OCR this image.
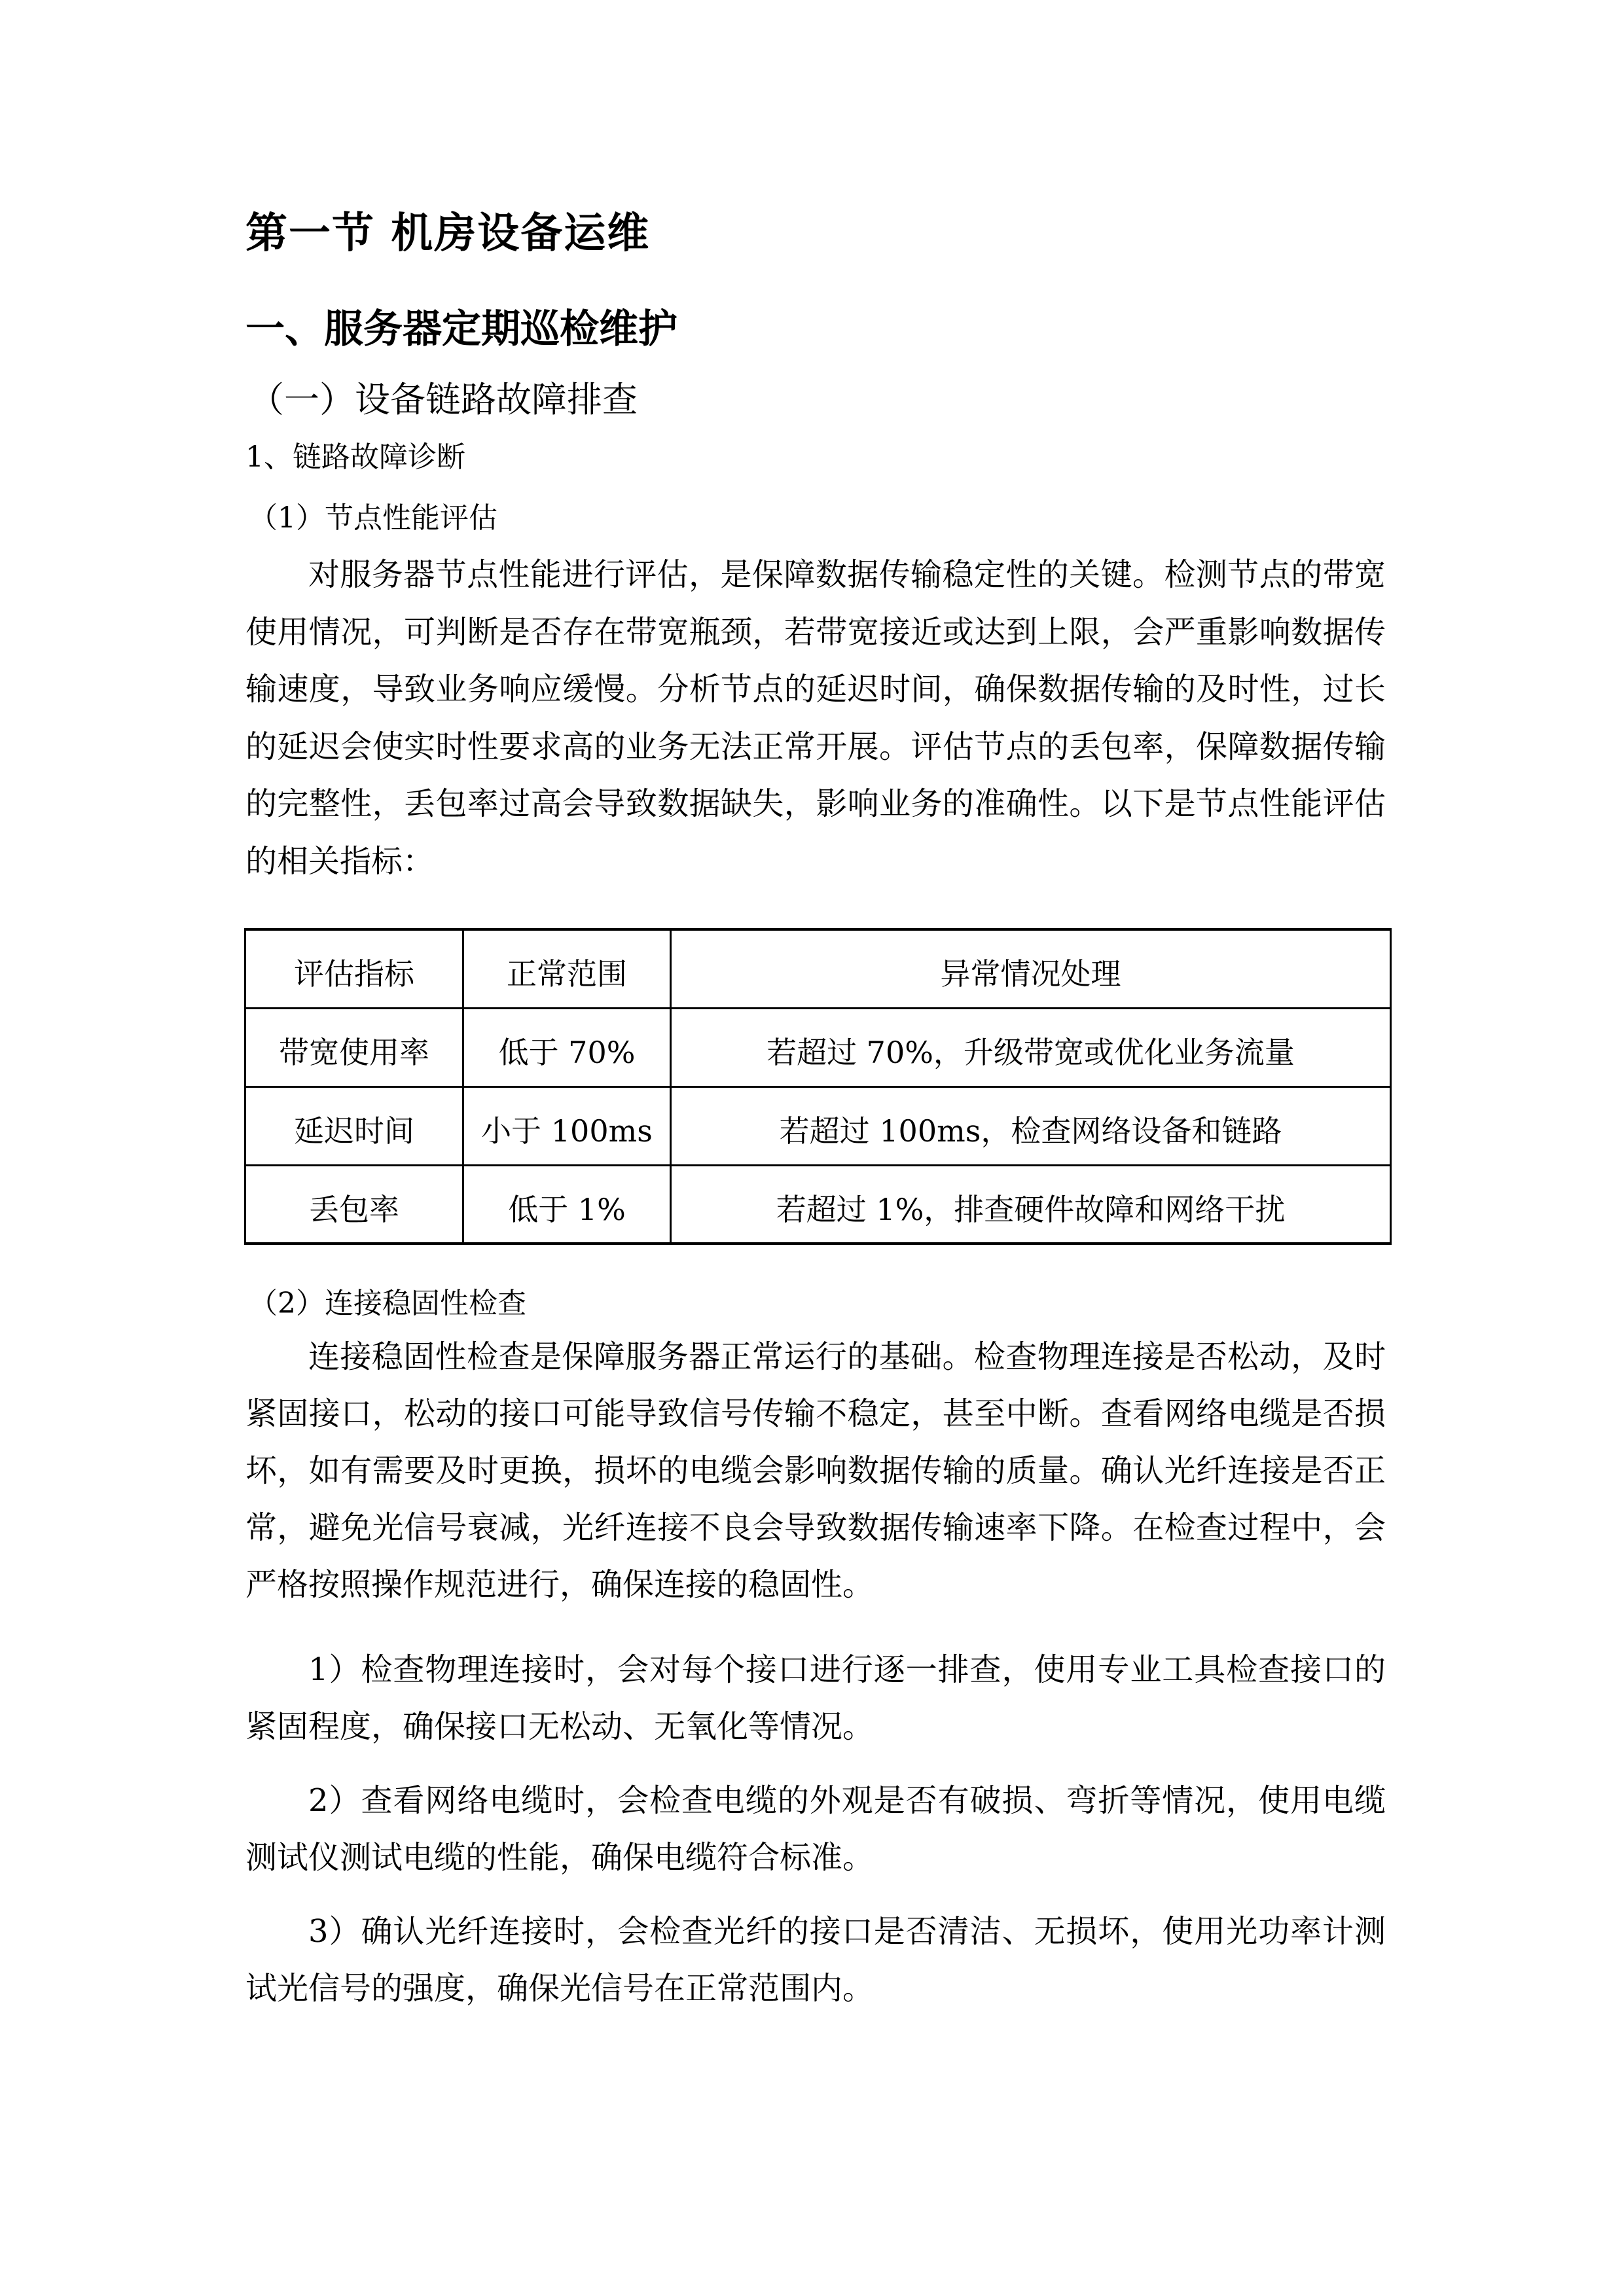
第一节 机房设备运维
一、服务器定期巡检维护
（一）设备链路故障排查
1、链路故障诊断
（1）节点性能评估

对服务器节点性能进行评估，是保障数据传输稳定性的关键。检测节点的带宽使用情况，可判断是否存在带宽瓶颈，若带宽接近或达到上限，会严重影响数据传输速度，导致业务响应缓慢。分析节点的延迟时间，确保数据传输的及时性，过长的延迟会使实时性要求高的业务无法正常开展。评估节点的丢包率，保障数据传输的完整性，丢包率过高会导致数据缺失，影响业务的准确性。以下是节点性能评估的相关指标：

评估指标	正常范围	异常情况处理
带宽使用率	低于 70%	若超过 70%，升级带宽或优化业务流量
延迟时间	小于 100ms	若超过 100ms，检查网络设备和链路
丢包率	低于 1%	若超过 1%，排查硬件故障和网络干扰
（2）连接稳固性检查

连接稳固性检查是保障服务器正常运行的基础。检查物理连接是否松动，及时紧固接口，松动的接口可能导致信号传输不稳定，甚至中断。查看网络电缆是否损坏，如有需要及时更换，损坏的电缆会影响数据传输的质量。确认光纤连接是否正常，避免光信号衰减，光纤连接不良会导致数据传输速率下降。在检查过程中，会严格按照操作规范进行，确保连接的稳固性。

1）检查物理连接时，会对每个接口进行逐一排查，使用专业工具检查接口的紧固程度，确保接口无松动、无氧化等情况。

2）查看网络电缆时，会检查电缆的外观是否有破损、弯折等情况，使用电缆测试仪测试电缆的性能，确保电缆符合标准。

3）确认光纤连接时，会检查光纤的接口是否清洁、无损坏，使用光功率计测试光信号的强度，确保光信号在正常范围内。
